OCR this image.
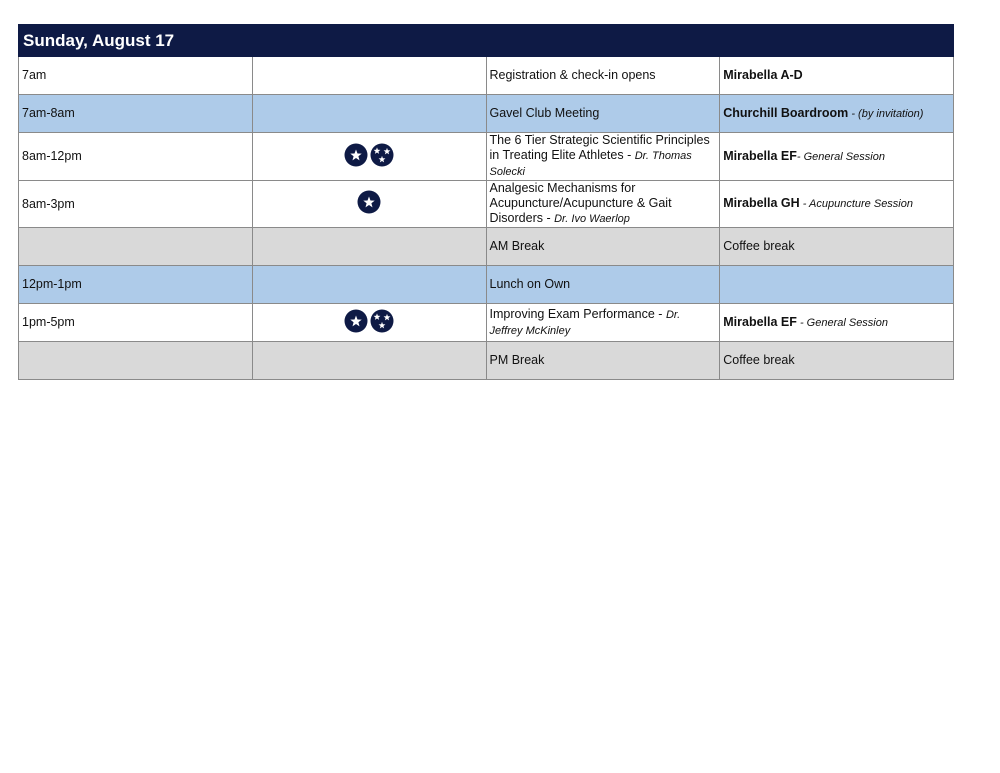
Sunday, August 17			
7am		Registration & check-in opens	Mirabella A-D
7am-8am		Gavel Club Meeting	Churchill Boardroom - (by invitation)
8am-12pm		The 6 Tier Strategic Scientific Principles in Treating Elite Athletes - Dr. Thomas Solecki	Mirabella EF- General Session
8am-3pm		Analgesic Mechanisms for Acupuncture/Acupuncture & Gait Disorders - Dr. Ivo Waerlop	Mirabella GH - Acupuncture Session
		AM Break	Coffee break
12pm-1pm		Lunch on Own	
1pm-5pm		Improving Exam Performance - Dr. Jeffrey McKinley	Mirabella EF - General Session
		PM Break	Coffee break
